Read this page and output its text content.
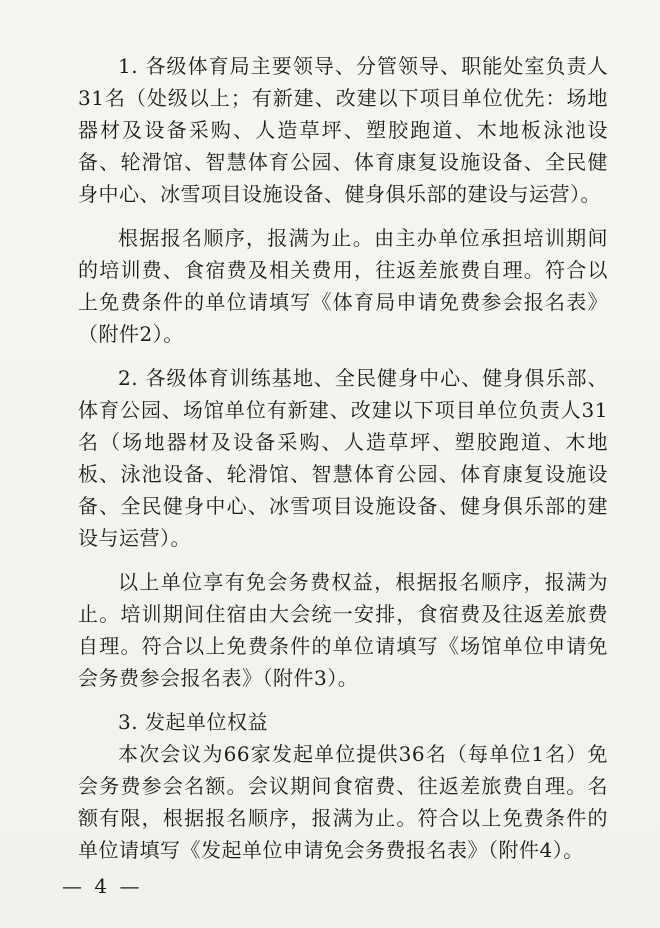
1. 各级体育局主要领导、分管领导、职能处室负责人31名（处级以上；有新建、改建以下项目单位优先：场地器材及设备采购、人造草坪、塑胶跑道、木地板泳池设备、轮滑馆、智慧体育公园、体育康复设施设备、全民健身中心、冰雪项目设施设备、健身俱乐部的建设与运营）。

根据报名顺序，报满为止。由主办单位承担培训期间的培训费、食宿费及相关费用，往返差旅费自理。符合以上免费条件的单位请填写《体育局申请免费参会报名表》（附件2）。

2. 各级体育训练基地、全民健身中心、健身俱乐部、体育公园、场馆单位有新建、改建以下项目单位负责人31名（场地器材及设备采购、人造草坪、塑胶跑道、木地板、泳池设备、轮滑馆、智慧体育公园、体育康复设施设备、全民健身中心、冰雪项目设施设备、健身俱乐部的建设与运营）。

以上单位享有免会务费权益，根据报名顺序，报满为止。培训期间住宿由大会统一安排，食宿费及往返差旅费自理。符合以上免费条件的单位请填写《场馆单位申请免会务费参会报名表》（附件3）。

3. 发起单位权益

本次会议为66家发起单位提供36名（每单位1名）免会务费参会名额。会议期间食宿费、往返差旅费自理。名额有限，根据报名顺序，报满为止。符合以上免费条件的单位请填写《发起单位申请免会务费报名表》（附件4）。

— 4 —
